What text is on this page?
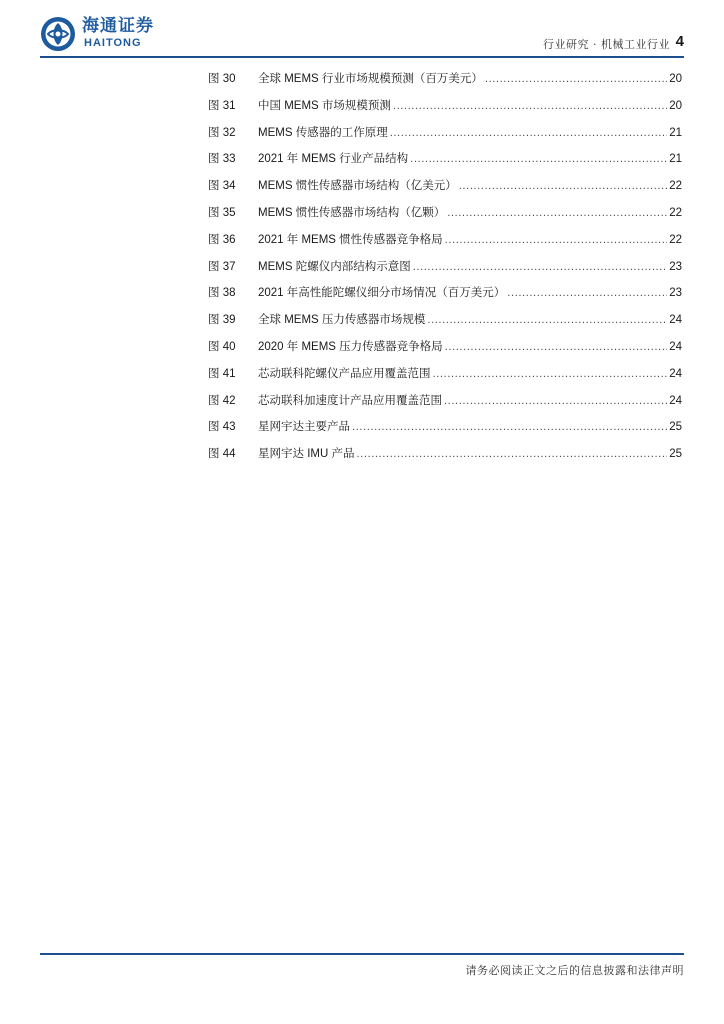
海通证券
HAITONG	行业研究 · 机械工业行业 4
图 30	全球 MEMS 行业市场规模预测（百万美元） .....	20
图 31	中国 MEMS 市场规模预测 .....	20
图 32	MEMS 传感器的工作原理 .....	21
图 33	2021 年 MEMS 行业产品结构 .....	21
图 34	MEMS 惯性传感器市场结构（亿美元） .....	22
图 35	MEMS 惯性传感器市场结构（亿颗） .....	22
图 36	2021 年 MEMS 惯性传感器竞争格局 .....	22
图 37	MEMS 陀螺仪内部结构示意图 .....	23
图 38	2021 年高性能陀螺仪细分市场情况（百万美元） .....	23
图 39	全球 MEMS 压力传感器市场规模 .....	24
图 40	2020 年 MEMS 压力传感器竞争格局 .....	24
图 41	芯动联科陀螺仪产品应用覆盖范围 .....	24
图 42	芯动联科加速度计产品应用覆盖范围 .....	24
图 43	星网宇达主要产品 .....	25
图 44	星网宇达 IMU 产品 .....	25
请务必阅读正文之后的信息披露和法律声明
